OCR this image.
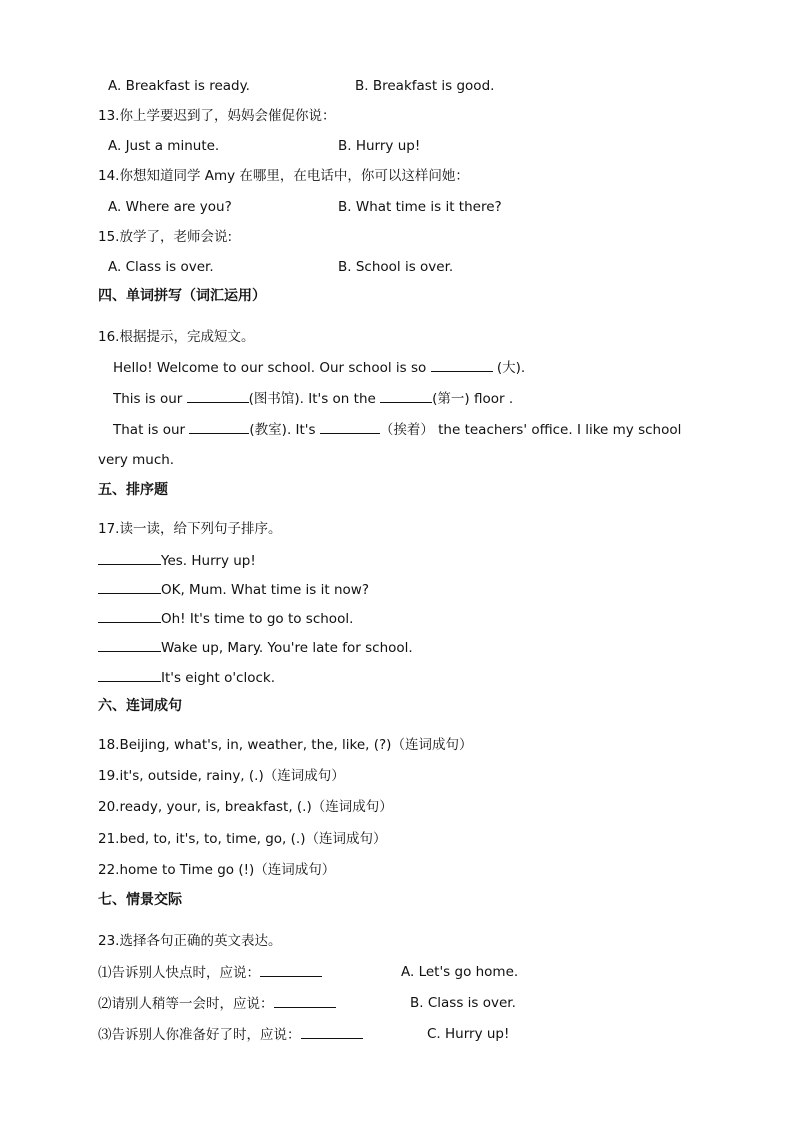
A. Breakfast is ready.	B. Breakfast is good.
13.你上学要迟到了，妈妈会催促你说：
A. Just a minute.	B. Hurry up!
14.你想知道同学 Amy 在哪里，在电话中，你可以这样问她：
A. Where are you?	B. What time is it there?
15.放学了，老师会说:
A. Class is over.	B. School is over.
四、单词拼写（词汇运用）
16.根据提示，完成短文。
Hello! Welcome to our school. Our school is so	(大).
This is our	(图书馆). It's on the	(第一) floor .
That is our	(教室). It's	（挨着） the teachers' office. I like my school
very much.
五、排序题
17.读一读，给下列句子排序。
Yes. Hurry up!
OK, Mum. What time is it now?
Oh! It's time to go to school.
Wake up, Mary. You're late for school.
It's eight o'clock.
六、连词成句
18.Beijing, what's, in, weather, the, like, (?)（连词成句）
19.it's, outside, rainy, (.)（连词成句）
20.ready, your, is, breakfast, (.)（连词成句）
21.bed, to, it's, to, time, go, (.)（连词成句）
22.home to Time go (!)（连词成句）
七、情景交际
23.选择各句正确的英文表达。
⑴告诉别人快点时，应说：	A. Let's go home.
⑵请别人稍等一会时，应说：	B. Class is over.
⑶告诉别人你准备好了时，应说：	C. Hurry up!
